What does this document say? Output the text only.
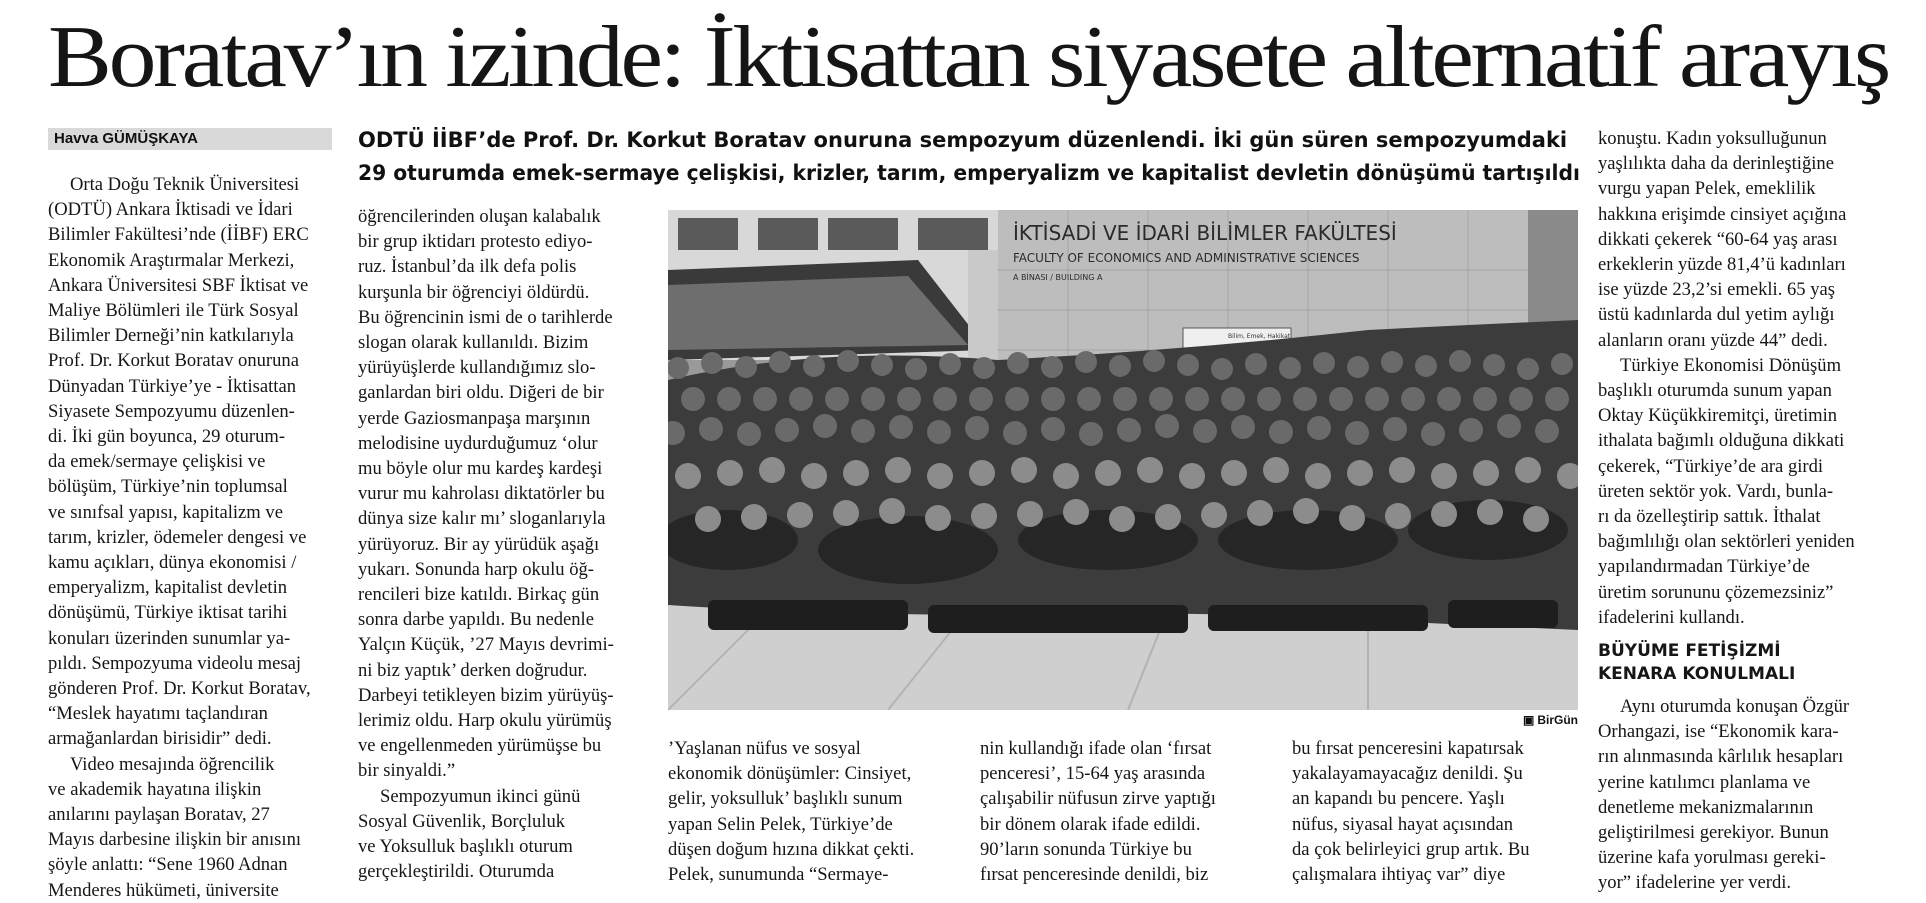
Boratav’ın izinde: İktisattan siyasete alternatif arayış
Havva GÜMÜŞKAYA	ODTÜ İİBF’de Prof. Dr. Korkut Boratav onuruna sempozyum düzenlendi. İki gün süren sempozyumdaki
29 oturumda emek-sermaye çelişkisi, krizler, tarım, emperyalizm ve kapitalist devletin dönüşümü tartışıldı

Orta Doğu Teknik Üniversitesi
(ODTÜ) Ankara İktisadi ve İdari
Bilimler Fakültesi’nde (İİBF) ERC
Ekonomik Araştırmalar Merkezi,
Ankara Üniversitesi SBF İktisat ve
Maliye Bölümleri ile Türk Sosyal
Bilimler Derneği’nin katkılarıyla
Prof. Dr. Korkut Boratav onuruna
Dünyadan Türkiye’ye - İktisattan
Siyasete Sempozyumu düzenlen-
di. İki gün boyunca, 29 oturum-
da emek/sermaye çelişkisi ve
bölüşüm, Türkiye’nin toplumsal
ve sınıfsal yapısı, kapitalizm ve
tarım, krizler, ödemeler dengesi ve
kamu açıkları, dünya ekonomisi /
emperyalizm, kapitalist devletin
dönüşümü, Türkiye iktisat tarihi
konuları üzerinden sunumlar ya-
pıldı. Sempozyuma videolu mesaj
gönderen Prof. Dr. Korkut Boratav,
“Meslek hayatımı taçlandıran
armağanlardan birisidir” dedi.

Video mesajında öğrencilik
ve akademik hayatına ilişkin
anılarını paylaşan Boratav, 27
Mayıs darbesine ilişkin bir anısını
şöyle anlattı: “Sene 1960 Adnan
Menderes hükümeti, üniversite

öğrencilerinden oluşan kalabalık
bir grup iktidarı protesto ediyo-
ruz. İstanbul’da ilk defa polis
kurşunla bir öğrenciyi öldürdü.
Bu öğrencinin ismi de o tarihlerde
slogan olarak kullanıldı. Bizim
yürüyüşlerde kullandığımız slo-
ganlardan biri oldu. Diğeri de bir
yerde Gaziosmanpaşa marşının
melodisine uydurduğumuz ‘olur
mu böyle olur mu kardeş kardeşi
vurur mu kahrolası diktatörler bu
dünya size kalır mı’ sloganlarıyla
yürüyoruz. Bir ay yürüdük aşağı
yukarı. Sonunda harp okulu öğ-
rencileri bize katıldı. Birkaç gün
sonra darbe yapıldı. Bu nedenle
Yalçın Küçük, ’27 Mayıs devrimi-
ni biz yaptık’ derken doğrudur.
Darbeyi tetikleyen bizim yürüyüş-
lerimiz oldu. Harp okulu yürümüş
ve engellenmeden yürümüşse bu
bir sinyaldi.”

Sempozyumun ikinci günü
Sosyal Güvenlik, Borçluluk
ve Yoksulluk başlıklı oturum
gerçekleştirildi. Oturumda

İKTİSADİ VE İDARİ BİLİMLER FAKÜLTESİ
FACULTY OF ECONOMICS AND ADMINISTRATIVE SCIENCES
A BİNASI / BUILDING A
Bilim, Emek, Hakikat
▣ BirGün

’Yaşlanan nüfus ve sosyal
ekonomik dönüşümler: Cinsiyet,
gelir, yoksulluk’ başlıklı sunum
yapan Selin Pelek, Türkiye’de
düşen doğum hızına dikkat çekti.
Pelek, sunumunda “Sermaye-

nin kullandığı ifade olan ‘fırsat
penceresi’, 15-64 yaş arasında
çalışabilir nüfusun zirve yaptığı
bir dönem olarak ifade edildi.
90’ların sonunda Türkiye bu
fırsat penceresinde denildi, biz

bu fırsat penceresini kapatırsak
yakalayamayacağız denildi. Şu
an kapandı bu pencere. Yaşlı
nüfus, siyasal hayat açısından
da çok belirleyici grup artık. Bu
çalışmalara ihtiyaç var” diye

konuştu. Kadın yoksulluğunun
yaşlılıkta daha da derinleştiğine
vurgu yapan Pelek, emeklilik
hakkına erişimde cinsiyet açığına
dikkati çekerek “60-64 yaş arası
erkeklerin yüzde 81,4’ü kadınları
ise yüzde 23,2’si emekli. 65 yaş
üstü kadınlarda dul yetim aylığı
alanların oranı yüzde 44” dedi.

Türkiye Ekonomisi Dönüşüm
başlıklı oturumda sunum yapan
Oktay Küçükkiremitçi, üretimin
ithalata bağımlı olduğuna dikkati
çekerek, “Türkiye’de ara girdi
üreten sektör yok. Vardı, bunla-
rı da özelleştirip sattık. İthalat
bağımlılığı olan sektörleri yeniden
yapılandırmadan Türkiye’de
üretim sorununu çözemezsiniz”
ifadelerini kullandı.

BÜYÜME FETİŞİZMİ
KENARA KONULMALI

Aynı oturumda konuşan Özgür
Orhangazi, ise “Ekonomik kara-
rın alınmasında kârlılık hesapları
yerine katılımcı planlama ve
denetleme mekanizmalarının
geliştirilmesi gerekiyor. Bunun
üzerine kafa yorulması gereki-
yor” ifadelerine yer verdi.
